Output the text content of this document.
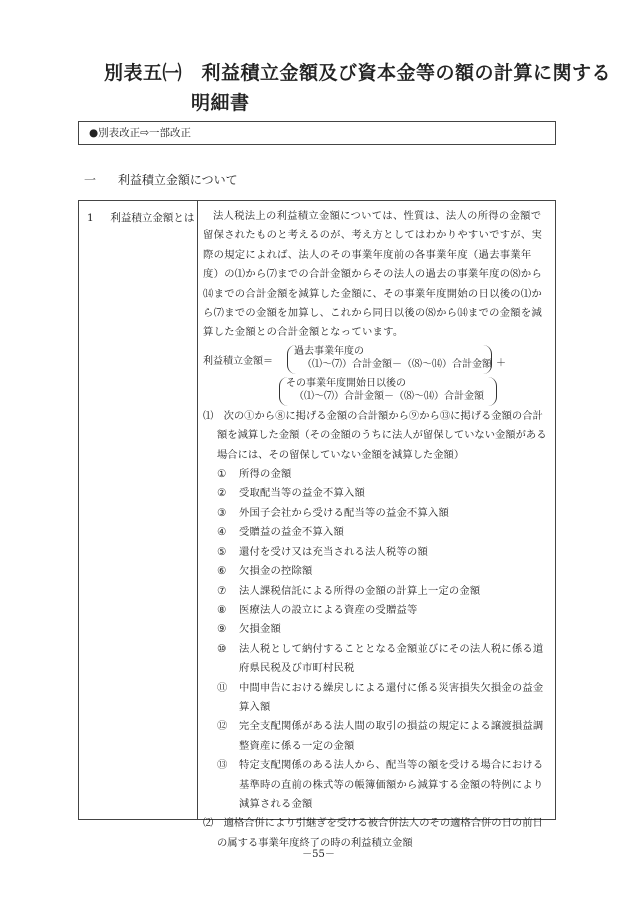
別表五㈠　利益積立金額及び資本金等の額の計算に関する
明細書
●別表改正⇨一部改正
一 利益積立金額について
1 利益積立金額とは	法人税法上の利益積立金額については、性質は、法人の所得の金額で留保されたものと考えるのが、考え方としてはわかりやすいですが、実際の規定によれば、法人のその事業年度前の各事業年度（過去事業年度）の⑴から⑺までの合計金額からその法人の過去の事業年度の⑻から⒁までの合計金額を減算した金額に、その事業年度開始の日以後の⑴から⑺までの金額を加算し、これから同日以後の⑻から⒁までの金額を減算した金額との合計金額となっています。
利益積立金額＝
過去事業年度の
（⑴～⑺）合計金額－（⑻～⒁）合計金額 ＋
その事業年度開始日以後の
（⑴～⑺）合計金額－（⑻～⒁）合計金額
⑴　次の①から⑧に掲げる金額の合計額から⑨から⑬に掲げる金額の合計額を減算した金額（その金額のうちに法人が留保していない金額がある場合には、その留保していない金額を減算した金額）
① 所得の金額
② 受取配当等の益金不算入額
③ 外国子会社から受ける配当等の益金不算入額
④ 受贈益の益金不算入額
⑤ 還付を受け又は充当される法人税等の額
⑥ 欠損金の控除額
⑦ 法人課税信託による所得の金額の計算上一定の金額
⑧ 医療法人の設立による資産の受贈益等
⑨ 欠損金額
⑩ 法人税として納付することとなる金額並びにその法人税に係る道府県民税及び市町村民税
⑪ 中間申告における繰戻しによる還付に係る災害損失欠損金の益金算入額
⑫ 完全支配関係がある法人間の取引の損益の規定による譲渡損益調整資産に係る一定の金額
⑬ 特定支配関係のある法人から、配当等の額を受ける場合における基準時の直前の株式等の帳簿価額から減算する金額の特例により減算される金額
⑵　適格合併により引継ぎを受ける被合併法人のその適格合併の日の前日の属する事業年度終了の時の利益積立金額
－55－
